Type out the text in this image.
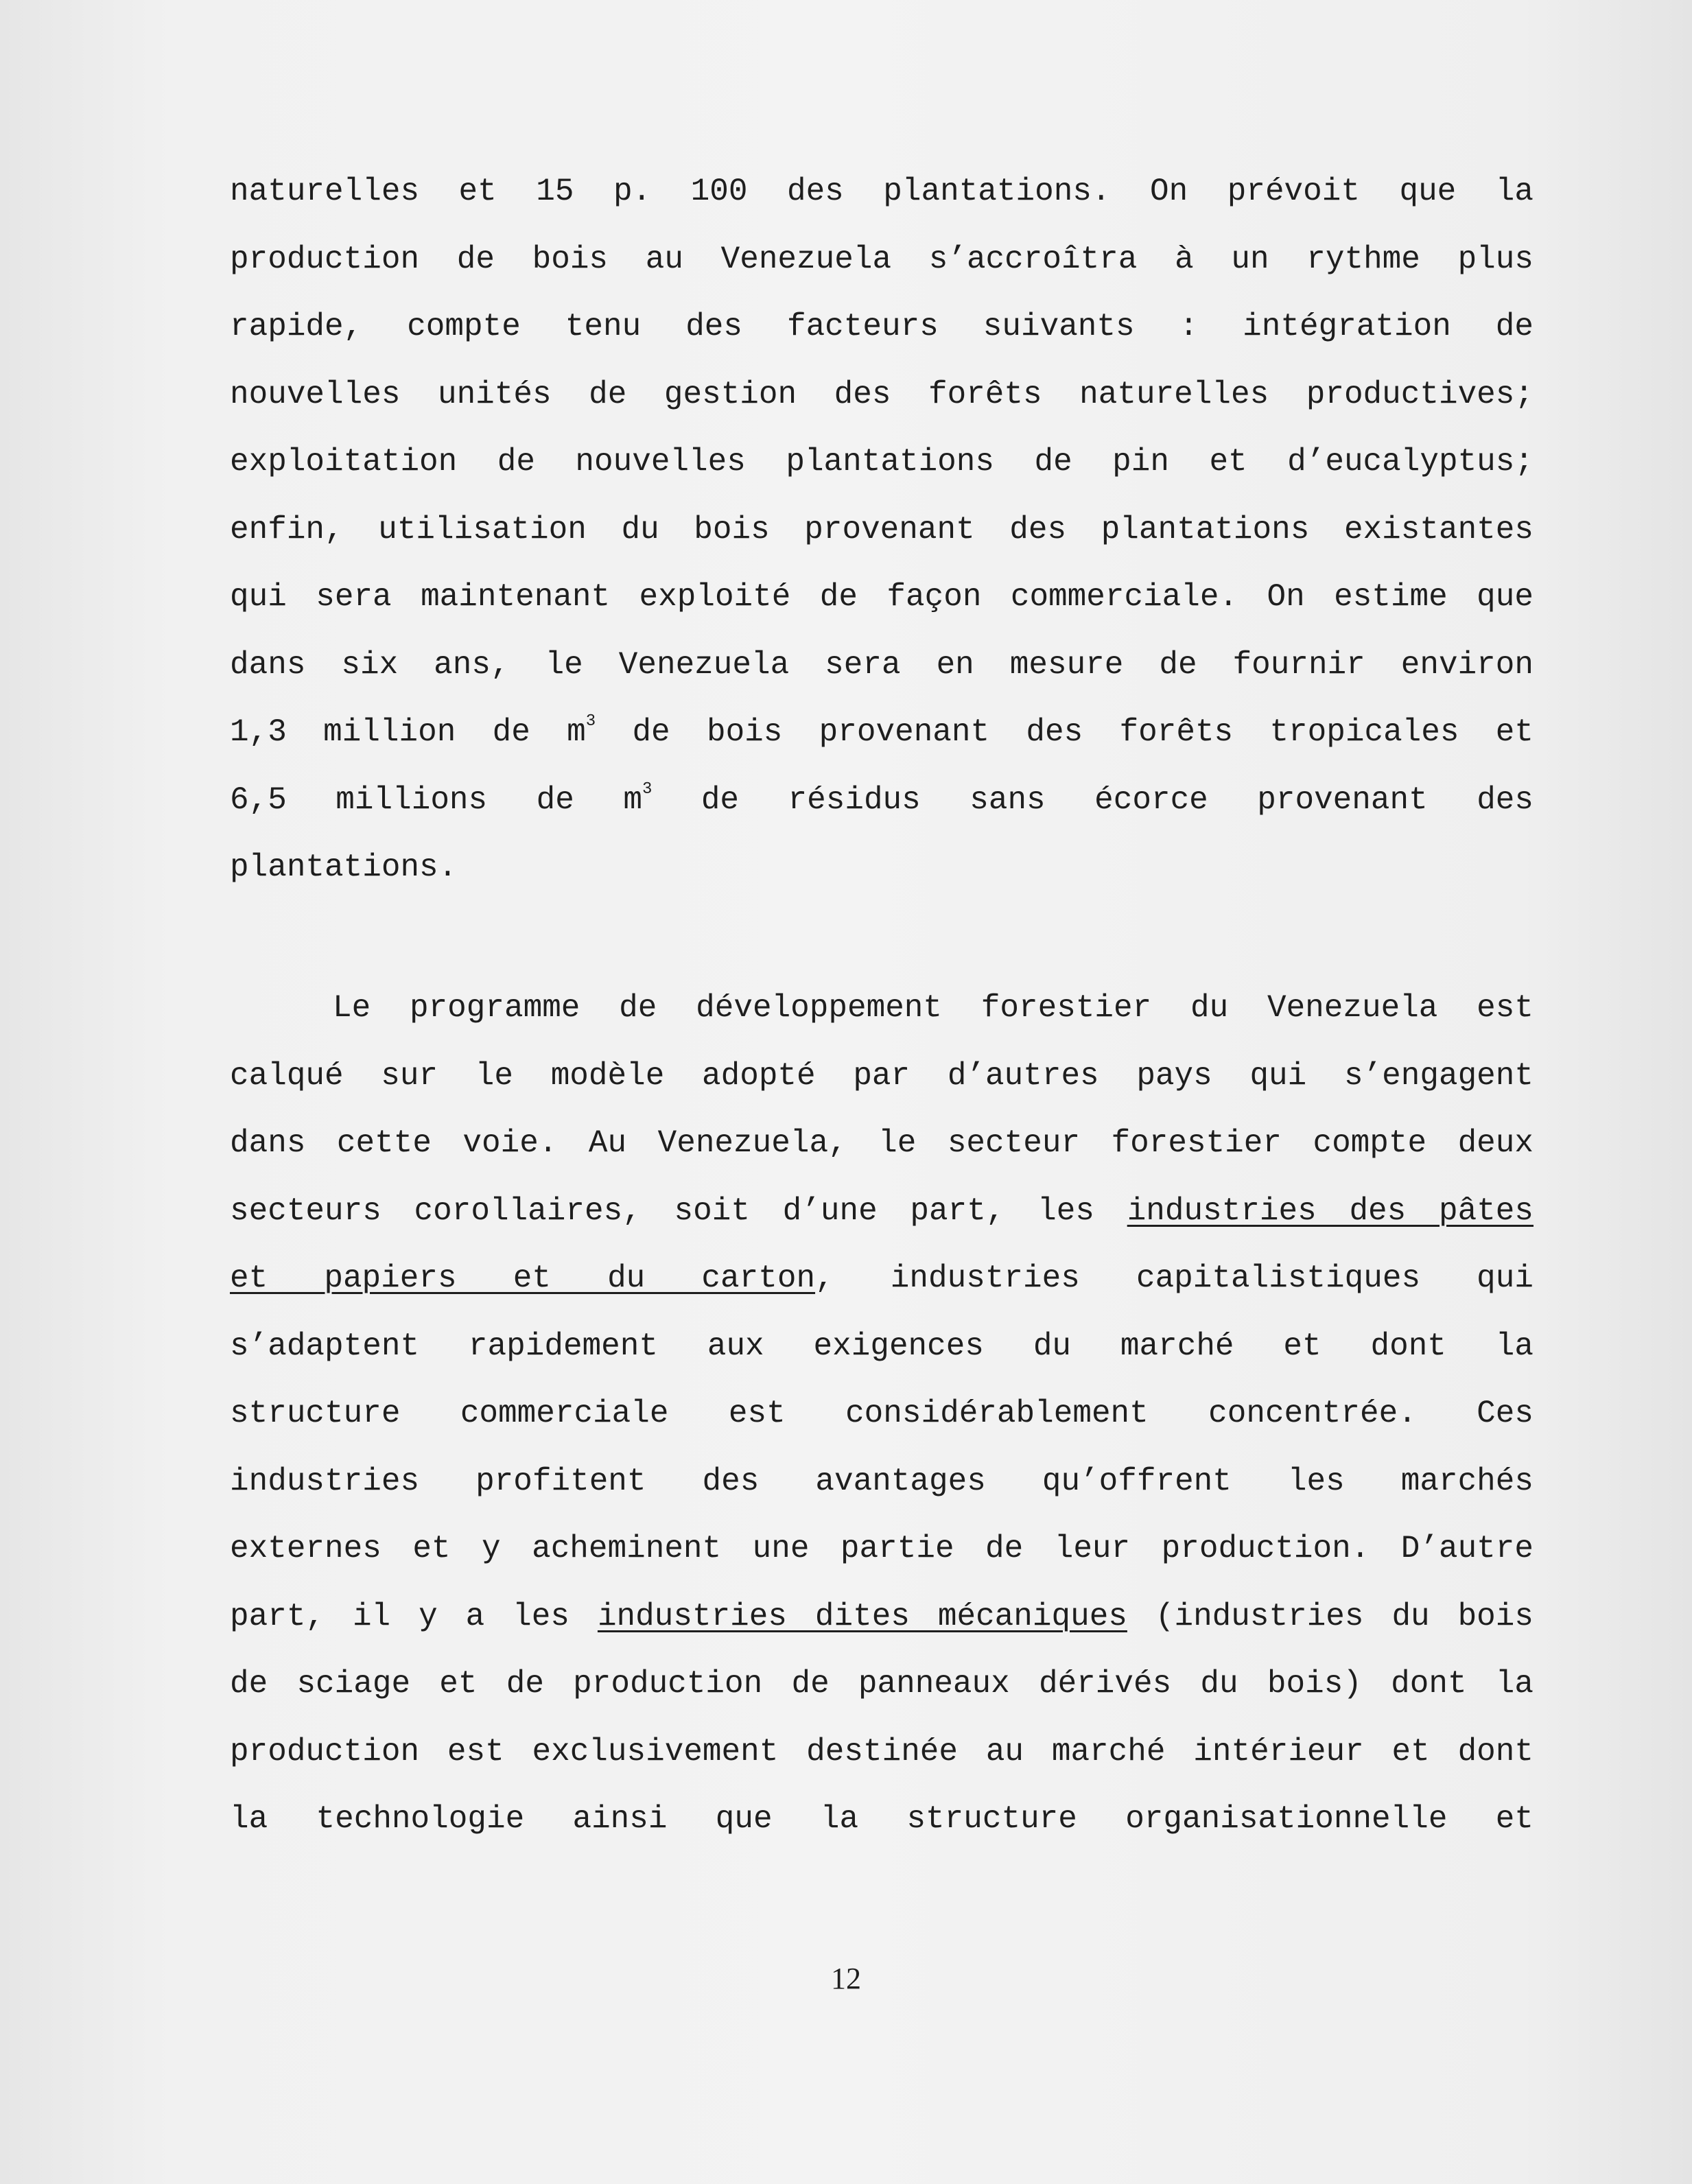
naturelles et 15 p. 100 des plantations. On prévoit que la
production de bois au Venezuela s’accroîtra à un rythme plus
rapide, compte tenu des facteurs suivants : intégration de
nouvelles unités de gestion des forêts naturelles productives;
exploitation de nouvelles plantations de pin et d’eucalyptus;
enfin, utilisation du bois provenant des plantations existantes
qui sera maintenant exploité de façon commerciale. On estime que
dans six ans, le Venezuela sera en mesure de fournir environ
1,3 million de $m^3$ de bois provenant des forêts tropicales et
6,5 millions de $m^3$ de résidus sans écorce provenant des
plantations.
Le programme de développement forestier du Venezuela est
calqué sur le modèle adopté par d’autres pays qui s’engagent
dans cette voie. Au Venezuela, le secteur forestier compte deux
secteurs corollaires, soit d’une part, les industries des pâtes
et papiers et du carton, industries capitalistiques qui
s’adaptent rapidement aux exigences du marché et dont la
structure commerciale est considérablement concentrée. Ces
industries profitent des avantages qu’offrent les marchés
externes et y acheminent une partie de leur production. D’autre
part, il y a les industries dites mécaniques (industries du bois
de sciage et de production de panneaux dérivés du bois) dont la
production est exclusivement destinée au marché intérieur et dont
la technologie ainsi que la structure organisationnelle et
12
